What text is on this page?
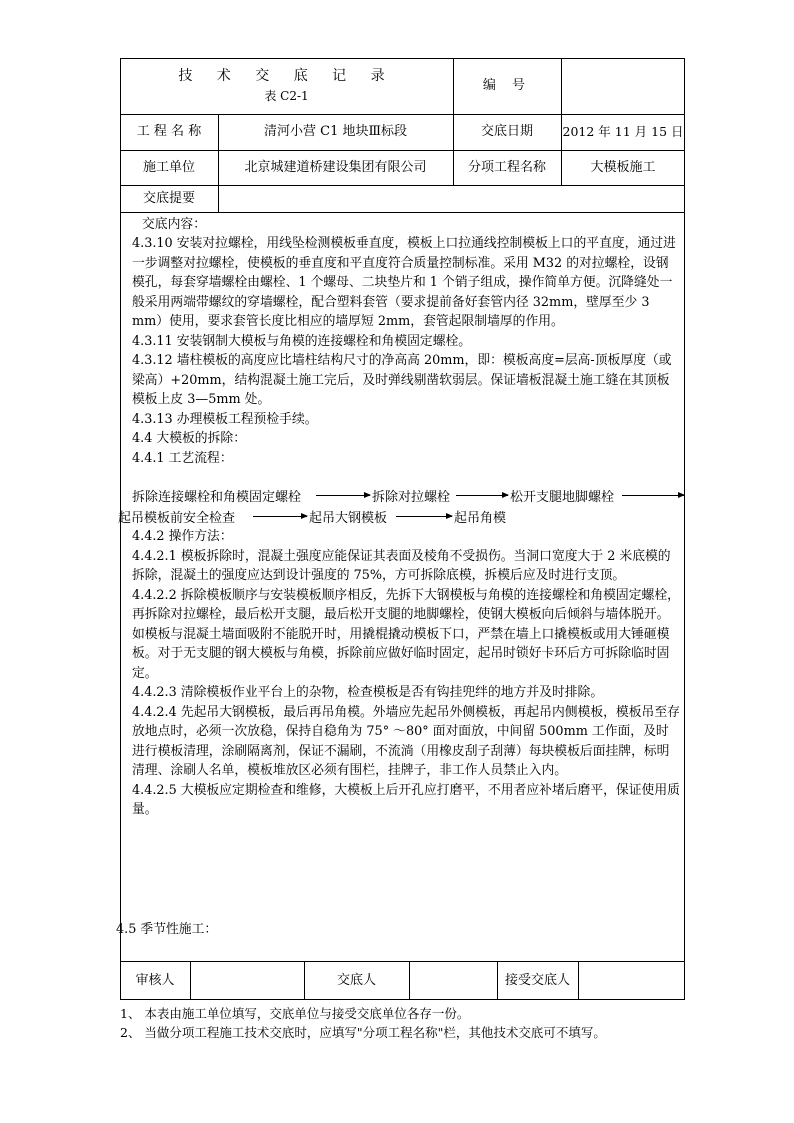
技 术 交 底 记 录
表 C2-1
编 号
工 程 名 称	清河小营 C1 地块Ⅲ标段	交底日期	2012 年 11 月 15 日
施工单位	北京城建道桥建设集团有限公司	分项工程名称	大模板施工
交底提要
交底内容：

4.3.10 安装对拉螺栓，用线坠检测模板垂直度，模板上口拉通线控制模板上口的平直度，通过进一步调整对拉螺栓，使模板的垂直度和平直度符合质量控制标准。采用 M32 的对拉螺栓，设钢模孔，每套穿墙螺栓由螺栓、1 个螺母、二块垫片和 1 个销子组成，操作简单方便。沉降缝处一般采用两端带螺纹的穿墙螺栓，配合塑料套管（要求提前备好套管内径 32mm，壁厚至少 3 mm）使用，要求套管长度比相应的墙厚短 2mm，套管起限制墙厚的作用。

4.3.11 安装钢制大模板与角模的连接螺栓和角模固定螺栓。

4.3.12 墙柱模板的高度应比墙柱结构尺寸的净高高 20mm，即：模板高度=层高-顶板厚度（或梁高）+20mm，结构混凝土施工完后，及时弹线剔凿软弱层。保证墙板混凝土施工缝在其顶板模板上皮 3—5mm 处。

4.3.13 办理模板工程预检手续。

4.4 大模板的拆除：

4.4.1 工艺流程：

拆除连接螺栓和角模固定螺栓	拆除对拉螺栓	松开支腿地脚螺栓
起吊模板前安全检查	起吊大钢模板	起吊角模

4.4.2 操作方法：

4.4.2.1 模板拆除时，混凝土强度应能保证其表面及棱角不受损伤。当洞口宽度大于 2 米底模的拆除，混凝土的强度应达到设计强度的 75%，方可拆除底模，拆模后应及时进行支顶。

4.4.2.2 拆除模板顺序与安装模板顺序相反，先拆下大钢模板与角模的连接螺栓和角模固定螺栓，再拆除对拉螺栓，最后松开支腿，最后松开支腿的地脚螺栓，使钢大模板向后倾斜与墙体脱开。如模板与混凝土墙面吸附不能脱开时，用撬棍撬动模板下口，严禁在墙上口撬模板或用大锤砸模板。对于无支腿的钢大模板与角模，拆除前应做好临时固定，起吊时锁好卡环后方可拆除临时固定。

4.4.2.3 清除模板作业平台上的杂物，检查模板是否有钩挂兜绊的地方并及时排除。

4.4.2.4 先起吊大钢模板，最后再吊角模。外墙应先起吊外侧模板，再起吊内侧模板，模板吊至存放地点时，必须一次放稳，保持自稳角为 75° ～80° 面对面放，中间留 500mm 工作面，及时进行模板清理，涂刷隔离剂，保证不漏刷，不流淌（用橡皮刮子刮薄）每块模板后面挂牌，标明清理、涂刷人名单，模板堆放区必须有围栏，挂牌子，非工作人员禁止入内。

4.4.2.5 大模板应定期检查和维修，大模板上后开孔应打磨平，不用者应补堵后磨平，保证使用质量。

4.5 季节性施工：
审核人	交底人	接受交底人
1、 本表由施工单位填写，交底单位与接受交底单位各存一份。
2、 当做分项工程施工技术交底时，应填写"分项工程名称"栏，其他技术交底可不填写。
